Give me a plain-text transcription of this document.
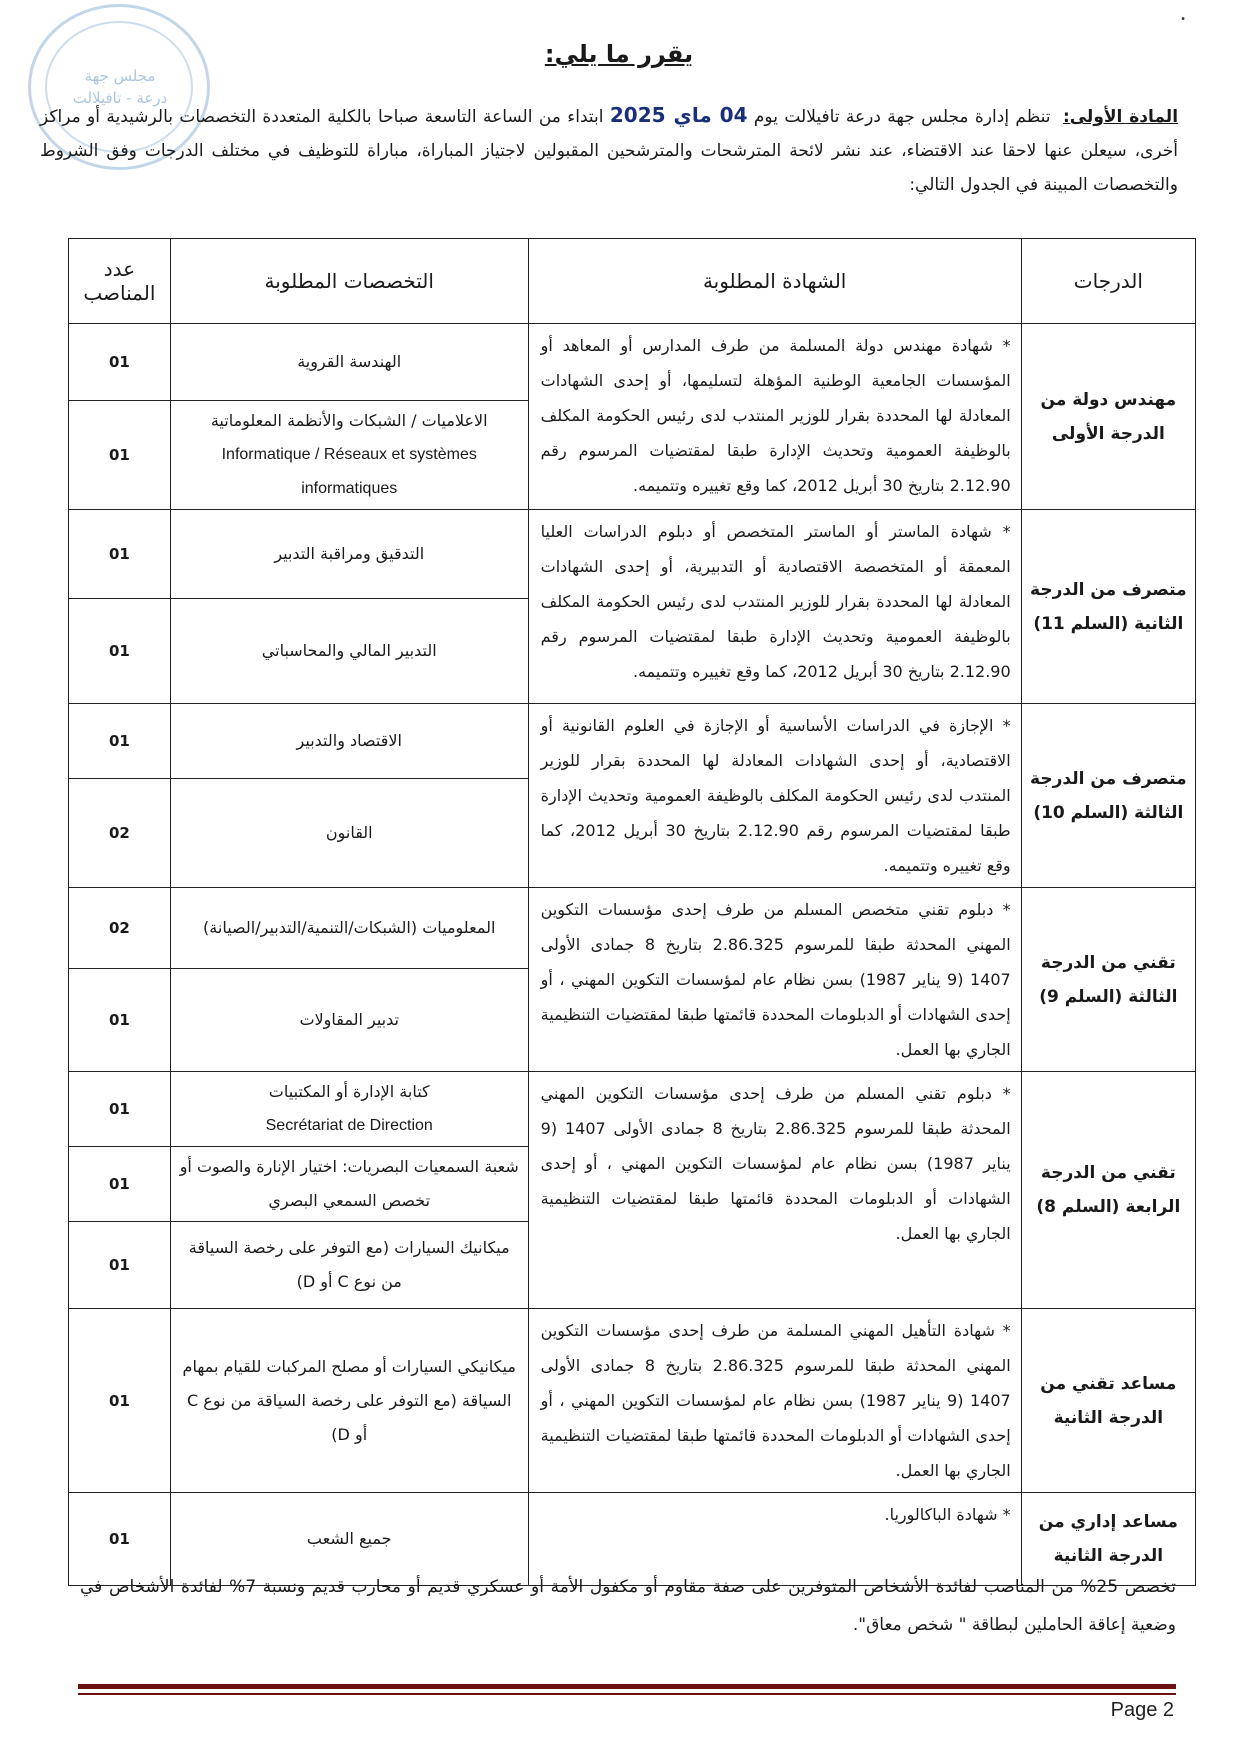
مجلس جهة
درعة - تافيلالت
•
يقرر ما يلي:
المادة الأولى: تنظم إدارة مجلس جهة درعة تافيلالت يوم 04 ماي 2025 ابتداء من الساعة التاسعة صباحا بالكلية المتعددة التخصصات بالرشيدية أو مراكز أخرى، سيعلن عنها لاحقا عند الاقتضاء، عند نشر لائحة المترشحات والمترشحين المقبولين لاجتياز المباراة، مباراة للتوظيف في مختلف الدرجات وفق الشروط والتخصصات المبينة في الجدول التالي:
الدرجات	الشهادة المطلوبة	التخصصات المطلوبة	عدد المناصب
مهندس دولة من الدرجة الأولى	* شهادة مهندس دولة المسلمة من طرف المدارس أو المعاهد أو المؤسسات الجامعية الوطنية المؤهلة لتسليمها، أو إحدى الشهادات المعادلة لها المحددة بقرار للوزير المنتدب لدى رئيس الحكومة المكلف بالوظيفة العمومية وتحديث الإدارة طبقا لمقتضيات المرسوم رقم 2.12.90 بتاريخ 30 أبريل 2012، كما وقع تغييره وتتميمه.	الهندسة القروية	01
		الاعلاميات / الشبكات والأنظمة المعلوماتية
Informatique / Réseaux et systèmes informatiques	01
متصرف من الدرجة الثانية (السلم 11)	* شهادة الماستر أو الماستر المتخصص أو دبلوم الدراسات العليا المعمقة أو المتخصصة الاقتصادية أو التدبيرية، أو إحدى الشهادات المعادلة لها المحددة بقرار للوزير المنتدب لدى رئيس الحكومة المكلف بالوظيفة العمومية وتحديث الإدارة طبقا لمقتضيات المرسوم رقم 2.12.90 بتاريخ 30 أبريل 2012، كما وقع تغييره وتتميمه.	التدقيق ومراقبة التدبير	01
		التدبير المالي والمحاسباتي	01
متصرف من الدرجة الثالثة (السلم 10)	* الإجازة في الدراسات الأساسية أو الإجازة في العلوم القانونية أو الاقتصادية، أو إحدى الشهادات المعادلة لها المحددة بقرار للوزير المنتدب لدى رئيس الحكومة المكلف بالوظيفة العمومية وتحديث الإدارة طبقا لمقتضيات المرسوم رقم 2.12.90 بتاريخ 30 أبريل 2012، كما وقع تغييره وتتميمه.	الاقتصاد والتدبير	01
		القانون	02
تقني من الدرجة الثالثة (السلم 9)	* دبلوم تقني متخصص المسلم من طرف إحدى مؤسسات التكوين المهني المحدثة طبقا للمرسوم 2.86.325 بتاريخ 8 جمادى الأولى 1407 (9 يناير 1987) بسن نظام عام لمؤسسات التكوين المهني ، أو إحدى الشهادات أو الدبلومات المحددة قائمتها طبقا لمقتضيات التنظيمية الجاري بها العمل.	المعلوميات (الشبكات/التنمية/التدبير/الصيانة)	02
		تدبير المقاولات	01
تقني من الدرجة الرابعة (السلم 8)	* دبلوم تقني المسلم من طرف إحدى مؤسسات التكوين المهني المحدثة طبقا للمرسوم 2.86.325 بتاريخ 8 جمادى الأولى 1407 (9 يناير 1987) بسن نظام عام لمؤسسات التكوين المهني ، أو إحدى الشهادات أو الدبلومات المحددة قائمتها طبقا لمقتضيات التنظيمية الجاري بها العمل.	كتابة الإدارة أو المكتبيات
Secrétariat de Direction	01
		شعبة السمعيات البصريات: اختيار الإنارة والصوت أو تخصص السمعي البصري	01
		ميكانيك السيارات (مع التوفر على رخصة السياقة من نوع C أو D)	01
مساعد تقني من الدرجة الثانية	* شهادة التأهيل المهني المسلمة من طرف إحدى مؤسسات التكوين المهني المحدثة طبقا للمرسوم 2.86.325 بتاريخ 8 جمادى الأولى 1407 (9 يناير 1987) بسن نظام عام لمؤسسات التكوين المهني ، أو إحدى الشهادات أو الدبلومات المحددة قائمتها طبقا لمقتضيات التنظيمية الجاري بها العمل.	ميكانيكي السيارات أو مصلح المركبات للقيام بمهام السياقة (مع التوفر على رخصة السياقة من نوع C أو D)	01
مساعد إداري من الدرجة الثانية	* شهادة الباكالوريا.	جميع الشعب	01
تخصص 25% من المناصب لفائدة الأشخاص المتوفرين على صفة مقاوم أو مكفول الأمة أو عسكري قديم أو محارب قديم ونسبة 7% لفائدة الأشخاص في وضعية إعاقة الحاملين لبطاقة " شخص معاق".
Page 2
